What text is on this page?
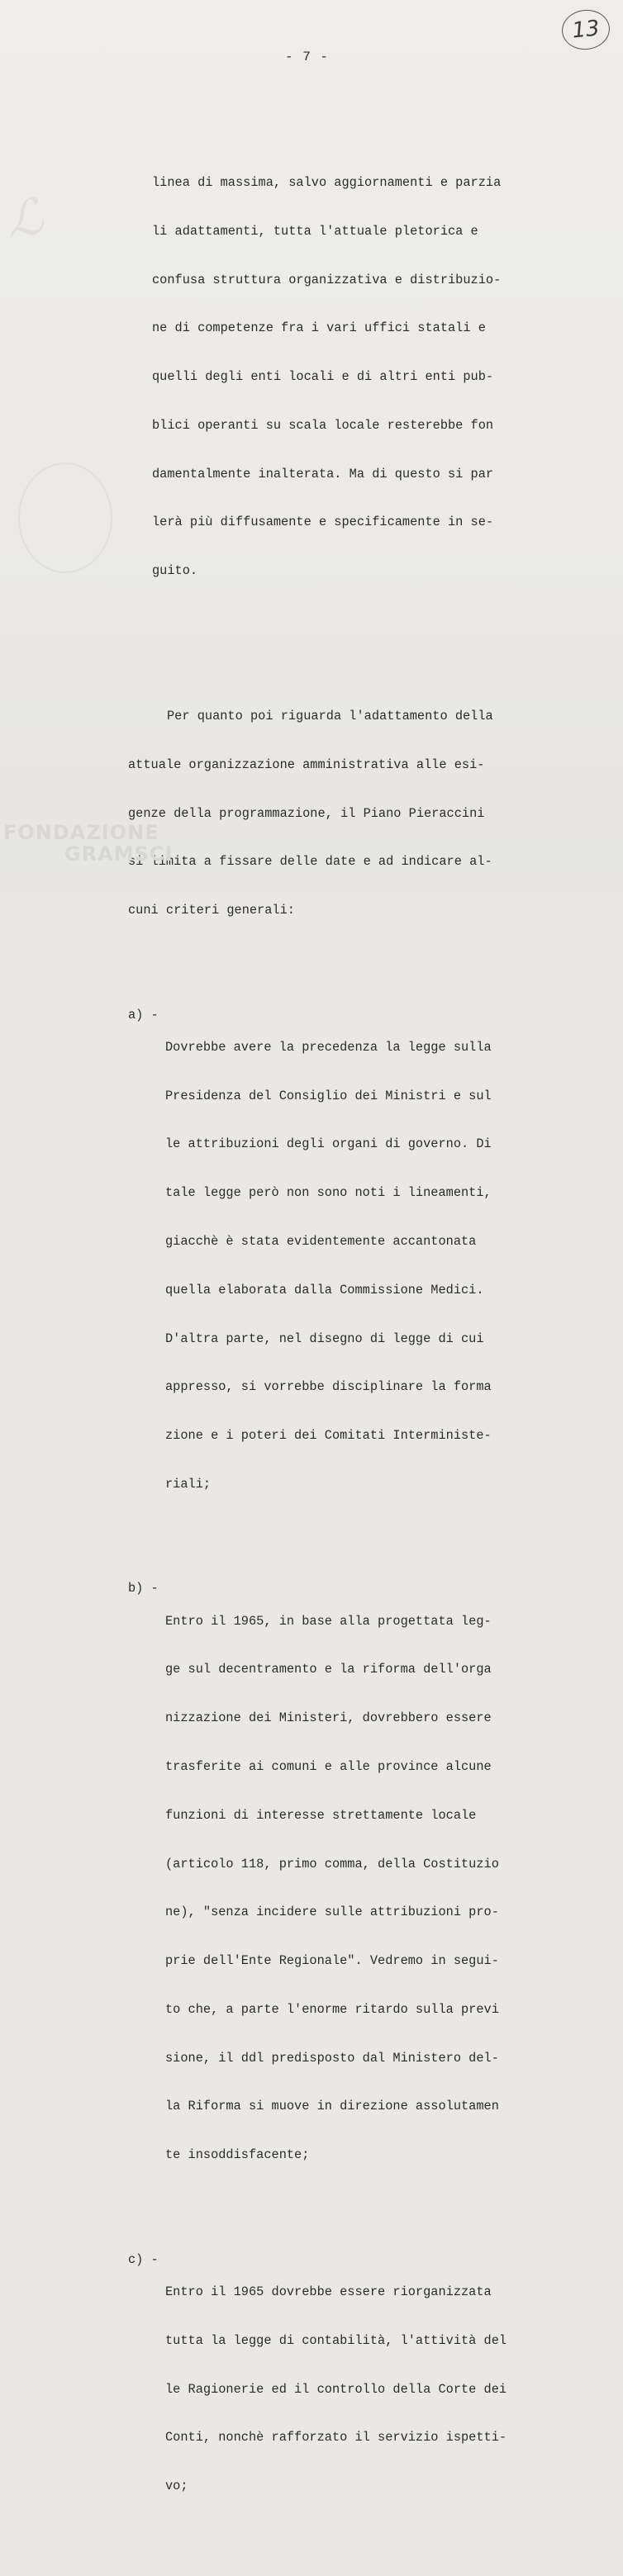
ℒ
13
- 7 -

linea di massima, salvo aggiornamenti e parzia

li adattamenti, tutta l'attuale pletorica e

confusa struttura organizzativa e distribuzio-

ne di competenze fra i vari uffici statali e

quelli degli enti locali e di altri enti pub-

blici operanti su scala locale resterebbe fon

damentalmente inalterata. Ma di questo si par

lerà più diffusamente e specificamente in se-

guito.

Per quanto poi riguarda l'adattamento della

attuale organizzazione amministrativa alle esi-

genze della programmazione, il Piano Pieraccini

si limita a fissare delle date e ad indicare al-

cuni criteri generali:

a) -

Dovrebbe avere la precedenza la legge sulla

Presidenza del Consiglio dei Ministri e sul

le attribuzioni degli organi di governo. Di

tale legge però non sono noti i lineamenti,

giacchè è stata evidentemente accantonata

quella elaborata dalla Commissione Medici.

D'altra parte, nel disegno di legge di cui

appresso, si vorrebbe disciplinare la forma

zione e i poteri dei Comitati Interministe-

riali;

b) -

Entro il 1965, in base alla progettata leg-

ge sul decentramento e la riforma dell'orga

nizzazione dei Ministeri, dovrebbero essere

trasferite ai comuni e alle province alcune

funzioni di interesse strettamente locale

(articolo 118, primo comma, della Costituzio

ne), "senza incidere sulle attribuzioni pro-

prie dell'Ente Regionale". Vedremo in segui-

to che, a parte l'enorme ritardo sulla previ

sione, il ddl predisposto dal Ministero del-

la Riforma si muove in direzione assolutamen

te insoddisfacente;

c) -

Entro il 1965 dovrebbe essere riorganizzata

tutta la legge di contabilità, l'attività del

le Ragionerie ed il controllo della Corte dei

Conti, nonchè rafforzato il servizio ispetti-

vo;

FONDAZIONE
GRAMSCI
